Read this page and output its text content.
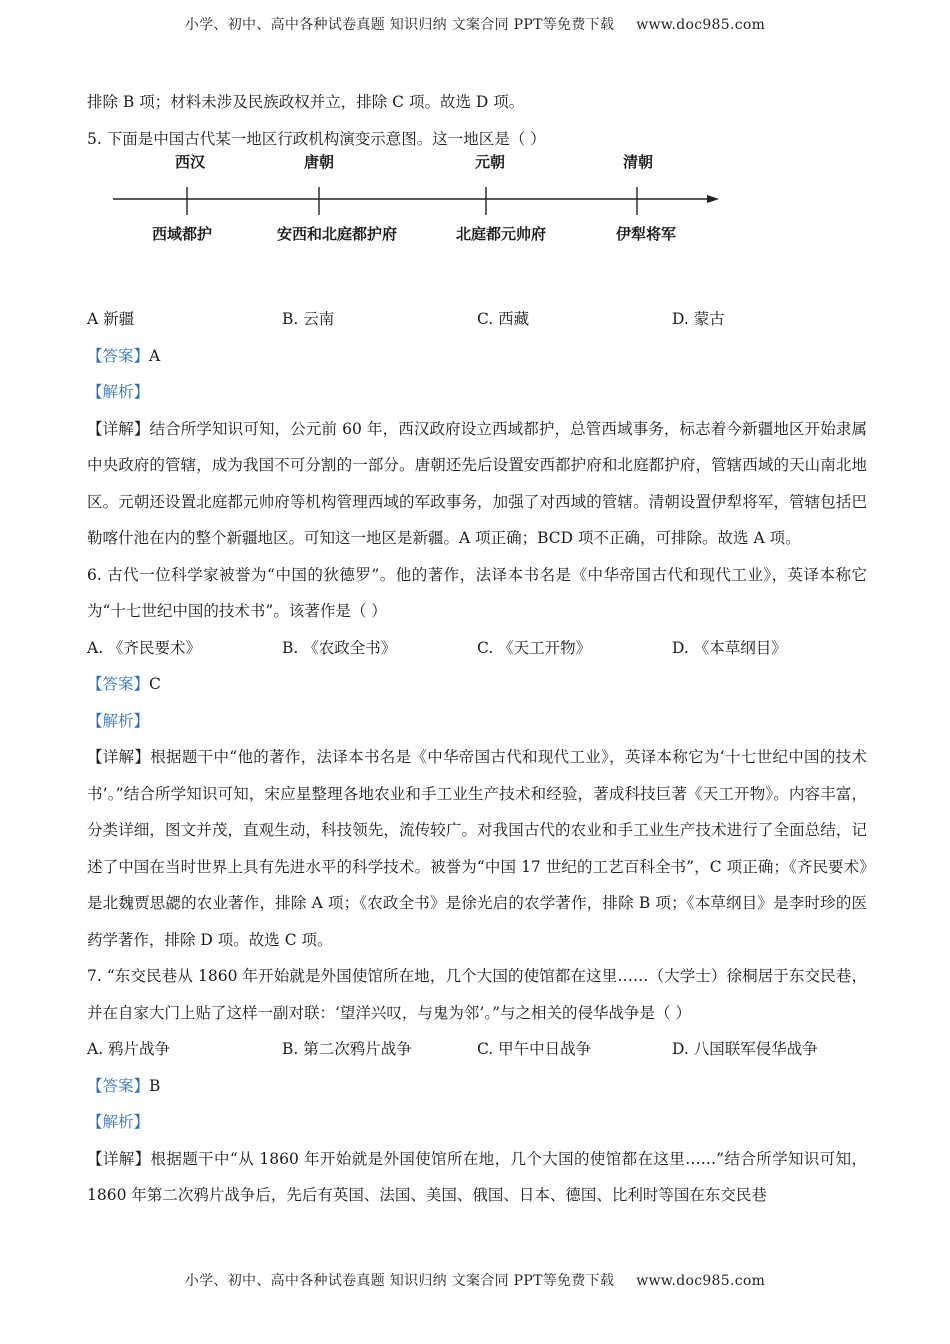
小学、初中、高中各种试卷真题 知识归纳 文案合同 PPT等免费下载 www.doc985.com

排除 B 项；材料未涉及民族政权并立，排除 C 项。故选 D 项。

5. 下面是中国古代某一地区行政机构演变示意图。这一地区是（ ）

西汉	唐朝	元朝	清朝
西域都护	安西和北庭都护府	北庭都元帅府	伊犁将军
A 新疆	B. 云南	C. 西藏	D. 蒙古

【答案】A

【解析】

【详解】结合所学知识可知，公元前 60 年，西汉政府设立西域都护，总管西域事务，标志着今新疆地区开始隶属中央政府的管辖，成为我国不可分割的一部分。唐朝还先后设置安西都护府和北庭都护府，管辖西域的天山南北地区。元朝还设置北庭都元帅府等机构管理西域的军政事务，加强了对西域的管辖。清朝设置伊犁将军，管辖包括巴勒喀什池在内的整个新疆地区。可知这一地区是新疆。A 项正确；BCD 项不正确，可排除。故选 A 项。

6. 古代一位科学家被誉为“中国的狄德罗”。他的著作，法译本书名是《中华帝国古代和现代工业》，英译本称它为“十七世纪中国的技术书”。该著作是（ ）

A. 《齐民要术》	B. 《农政全书》	C. 《天工开物》	D. 《本草纲目》

【答案】C

【解析】

【详解】根据题干中“他的著作，法译本书名是《中华帝国古代和现代工业》，英译本称它为‘十七世纪中国的技术书’。”结合所学知识可知，宋应星整理各地农业和手工业生产技术和经验，著成科技巨著《天工开物》。内容丰富，分类详细，图文并茂，直观生动，科技领先，流传较广。对我国古代的农业和手工业生产技术进行了全面总结，记述了中国在当时世界上具有先进水平的科学技术。被誉为“中国 17 世纪的工艺百科全书”，C 项正确；《齐民要术》是北魏贾思勰的农业著作，排除 A 项；《农政全书》是徐光启的农学著作，排除 B 项；《本草纲目》是李时珍的医药学著作，排除 D 项。故选 C 项。

7. “东交民巷从 1860 年开始就是外国使馆所在地，几个大国的使馆都在这里……（大学士）徐桐居于东交民巷，并在自家大门上贴了这样一副对联：‘望洋兴叹，与鬼为邻’。”与之相关的侵华战争是（ ）

A. 鸦片战争	B. 第二次鸦片战争	C. 甲午中日战争	D. 八国联军侵华战争

【答案】B

【解析】

【详解】根据题干中“从 1860 年开始就是外国使馆所在地，几个大国的使馆都在这里……”结合所学知识可知，1860 年第二次鸦片战争后，先后有英国、法国、美国、俄国、日本、德国、比利时等国在东交民巷

小学、初中、高中各种试卷真题 知识归纳 文案合同 PPT等免费下载 www.doc985.com
